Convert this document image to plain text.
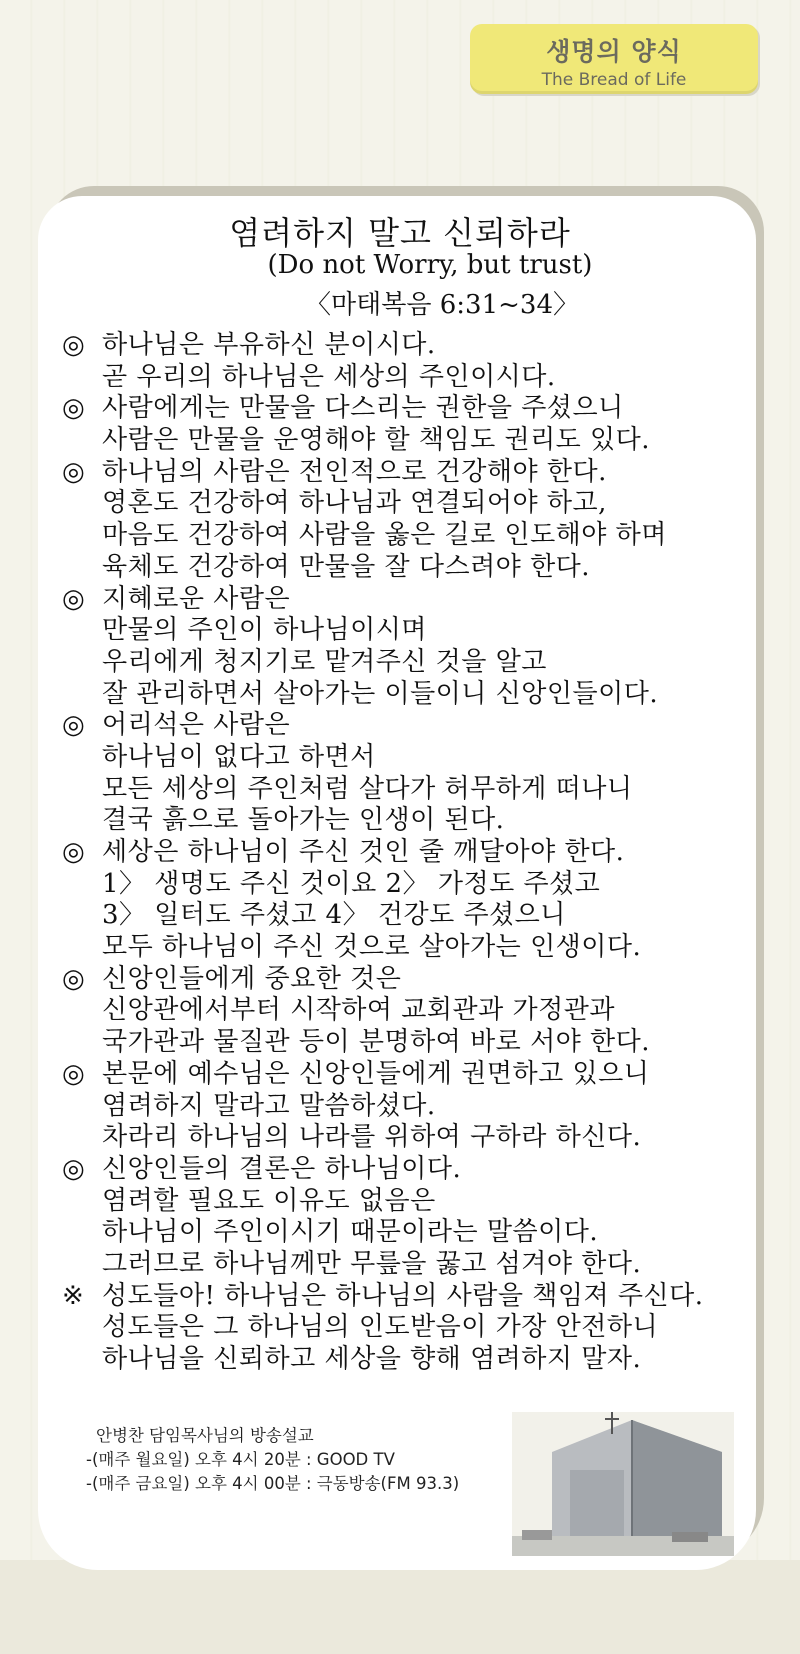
생명의 양식
The Bread of Life
염려하지 말고 신뢰하라
(Do not Worry, but trust)
〈마태복음 6:31~34〉
◎ 하나님은 부유하신 분이시다.
곧 우리의 하나님은 세상의 주인이시다.
◎ 사람에게는 만물을 다스리는 권한을 주셨으니
사람은 만물을 운영해야 할 책임도 권리도 있다.
◎ 하나님의 사람은 전인적으로 건강해야 한다.
영혼도 건강하여 하나님과 연결되어야 하고,
마음도 건강하여 사람을 옳은 길로 인도해야 하며
육체도 건강하여 만물을 잘 다스려야 한다.
◎ 지혜로운 사람은
만물의 주인이 하나님이시며
우리에게 청지기로 맡겨주신 것을 알고
잘 관리하면서 살아가는 이들이니 신앙인들이다.
◎ 어리석은 사람은
하나님이 없다고 하면서
모든 세상의 주인처럼 살다가 허무하게 떠나니
결국 흙으로 돌아가는 인생이 된다.
◎ 세상은 하나님이 주신 것인 줄 깨달아야 한다.
1〉 생명도 주신 것이요 2〉 가정도 주셨고
3〉 일터도 주셨고 4〉 건강도 주셨으니
모두 하나님이 주신 것으로 살아가는 인생이다.
◎ 신앙인들에게 중요한 것은
신앙관에서부터 시작하여 교회관과 가정관과
국가관과 물질관 등이 분명하여 바로 서야 한다.
◎ 본문에 예수님은 신앙인들에게 권면하고 있으니
염려하지 말라고 말씀하셨다.
차라리 하나님의 나라를 위하여 구하라 하신다.
◎ 신앙인들의 결론은 하나님이다.
염려할 필요도 이유도 없음은
하나님이 주인이시기 때문이라는 말씀이다.
그러므로 하나님께만 무릎을 꿇고 섬겨야 한다.
※ 성도들아! 하나님은 하나님의 사람을 책임져 주신다.
성도들은 그 하나님의 인도받음이 가장 안전하니
하나님을 신뢰하고 세상을 향해 염려하지 말자.
안병찬 담임목사님의 방송설교
-(매주 월요일) 오후 4시 20분 : GOOD TV
-(매주 금요일) 오후 4시 00분 : 극동방송(FM 93.3)
